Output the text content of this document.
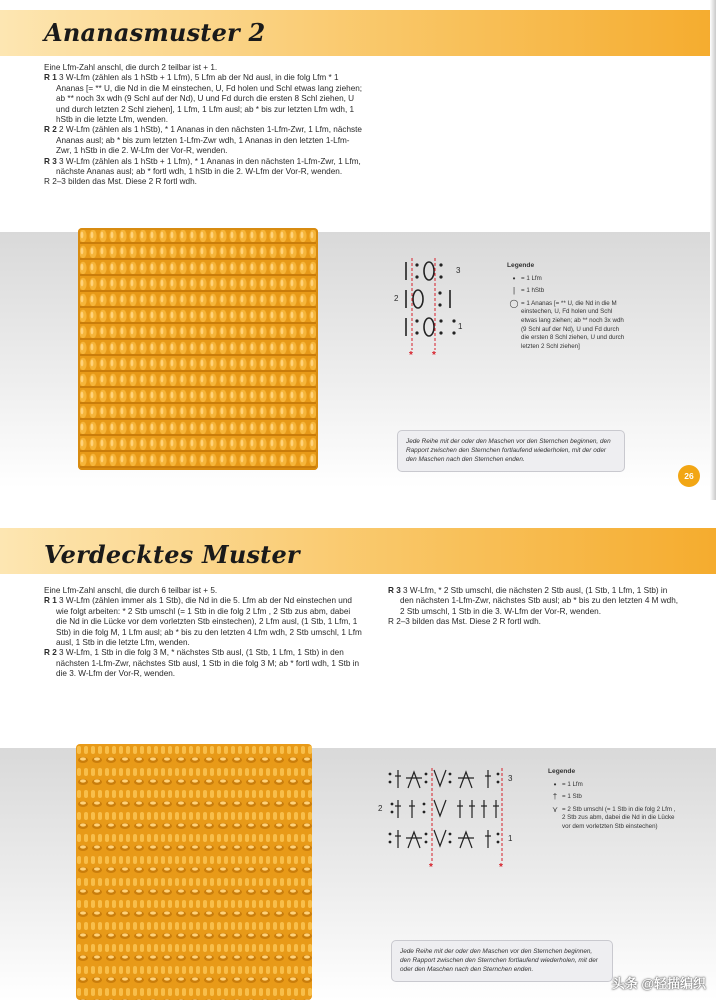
Ananasmuster 2

Eine Lfm-Zahl anschl, die durch 2 teilbar ist + 1.

R 1 3 W-Lfm (zählen als 1 hStb + 1 Lfm), 5 Lfm ab der Nd ausl, in die folg Lfm * 1 Ananas [= ** U, die Nd in die M einstechen, U, Fd holen und Schl etwas lang ziehen; ab ** noch 3x wdh (9 Schl auf der Nd), U und Fd durch die ersten 8 Schl ziehen, U und durch letzten 2 Schl ziehen], 1 Lfm, 1 Lfm ausl; ab * bis zur letzten Lfm wdh, 1 hStb in die letzte Lfm, wenden.

R 2 2 W-Lfm (zählen als 1 hStb), * 1 Ananas in den nächsten 1-Lfm-Zwr, 1 Lfm, nächste Ananas ausl; ab * bis zum letzten 1-Lfm-Zwr wdh, 1 Ananas in den letzten 1-Lfm-Zwr, 1 hStb in die 2. W-Lfm der Vor-R, wenden.

R 3 3 W-Lfm (zählen als 1 hStb + 1 Lfm), * 1 Ananas in den nächsten 1-Lfm-Zwr, 1 Lfm, nächste Ananas ausl; ab * fortl wdh, 1 hStb in die 2. W-Lfm der Vor-R, wenden.

R 2–3 bilden das Mst. Diese 2 R fortl wdh.

3
2
1
* *
Legende
• = 1 Lfm
| = 1 hStb
◯ = 1 Ananas [= ** U, die Nd in die M einstechen, U, Fd holen und Schl etwas lang ziehen; ab ** noch 3x wdh (9 Schl auf der Nd), U und Fd durch die ersten 8 Schl ziehen, U und durch letzten 2 Schl ziehen]
Jede Reihe mit der oder den Maschen vor den Sternchen beginnen, den Rapport zwischen den Sternchen fortlaufend wiederholen, mit der oder den Maschen nach den Sternchen enden.
26
Verdecktes Muster

Eine Lfm-Zahl anschl, die durch 6 teilbar ist + 5.

R 1 3 W-Lfm (zählen immer als 1 Stb), die Nd in die 5. Lfm ab der Nd einstechen und wie folgt arbeiten: * 2 Stb umschl (= 1 Stb in die folg 2 Lfm , 2 Stb zus abm, dabei die Nd in die Lücke vor dem vorletzten Stb einstechen), 2 Lfm ausl, (1 Stb, 1 Lfm, 1 Stb) in die folg M, 1 Lfm ausl; ab * bis zu den letzten 4 Lfm wdh, 2 Stb umschl, 1 Lfm ausl, 1 Stb in die letzte Lfm, wenden.

R 2 3 W-Lfm, 1 Stb in die folg 3 M, * nächstes Stb ausl, (1 Stb, 1 Lfm, 1 Stb) in den nächsten 1-Lfm-Zwr, nächstes Stb ausl, 1 Stb in die folg 3 M; ab * fortl wdh, 1 Stb in die 3. W-Lfm der Vor-R, wenden.

R 3 3 W-Lfm, * 2 Stb umschl, die nächsten 2 Stb ausl, (1 Stb, 1 Lfm, 1 Stb) in den nächsten 1-Lfm-Zwr, nächstes Stb ausl; ab * bis zu den letzten 4 M wdh, 2 Stb umschl, 1 Stb in die 3. W-Lfm der Vor-R, wenden.

R 2–3 bilden das Mst. Diese 2 R fortl wdh.

3
2
1
*	*
Legende
• = 1 Lfm
† = 1 Stb
⋎ = 2 Stb umschl (= 1 Stb in die folg 2 Lfm , 2 Stb zus abm, dabei die Nd in die Lücke vor dem vorletzten Stb einstechen)
Jede Reihe mit der oder den Maschen vor den Sternchen beginnen, den Rapport zwischen den Sternchen fortlaufend wiederholen, mit der oder den Maschen nach den Sternchen enden.
头条 @轻描编织
